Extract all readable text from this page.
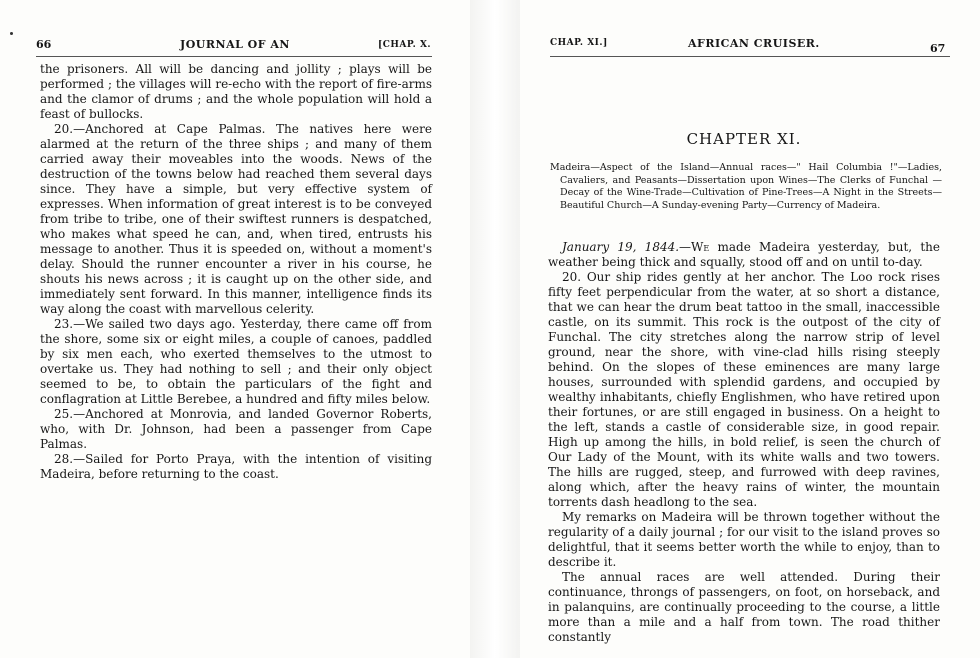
66	JOURNAL OF AN	[CHAP. X.

the prisoners. All will be dancing and jollity ; plays will be performed ; the villages will re-echo with the report of fire-arms and the clamor of drums ; and the whole population will hold a feast of bullocks.

20.—Anchored at Cape Palmas. The natives here were alarmed at the return of the three ships ; and many of them carried away their moveables into the woods. News of the destruction of the towns below had reached them several days since. They have a simple, but very effective system of expresses. When information of great interest is to be conveyed from tribe to tribe, one of their swiftest runners is despatched, who makes what speed he can, and, when tired, entrusts his message to another. Thus it is speeded on, without a moment's delay. Should the runner encounter a river in his course, he shouts his news across ; it is caught up on the other side, and immediately sent forward. In this manner, intelligence finds its way along the coast with marvellous celerity.

23.—We sailed two days ago. Yesterday, there came off from the shore, some six or eight miles, a couple of canoes, paddled by six men each, who exerted themselves to the utmost to overtake us. They had nothing to sell ; and their only object seemed to be, to obtain the particulars of the fight and conflagration at Little Berebee, a hundred and fifty miles below.

25.—Anchored at Monrovia, and landed Governor Roberts, who, with Dr. Johnson, had been a passenger from Cape Palmas.

28.—Sailed for Porto Praya, with the intention of visiting Madeira, before returning to the coast.

CHAP. XI.]	AFRICAN CRUISER.	67
CHAPTER XI.
Madeira—Aspect of the Island—Annual races—" Hail Columbia !"—Ladies, Cavaliers, and Peasants—Dissertation upon Wines—The Clerks of Funchal —Decay of the Wine-Trade—Cultivation of Pine-Trees—A Night in the Streets—Beautiful Church—A Sunday-evening Party—Currency of Madeira.

January 19, 1844.—We made Madeira yesterday, but, the weather being thick and squally, stood off and on until to-day.

20. Our ship rides gently at her anchor. The Loo rock rises fifty feet perpendicular from the water, at so short a distance, that we can hear the drum beat tattoo in the small, inaccessible castle, on its summit. This rock is the outpost of the city of Funchal. The city stretches along the narrow strip of level ground, near the shore, with vine-clad hills rising steeply behind. On the slopes of these eminences are many large houses, surrounded with splendid gardens, and occupied by wealthy inhabitants, chiefly Englishmen, who have retired upon their fortunes, or are still engaged in business. On a height to the left, stands a castle of considerable size, in good repair. High up among the hills, in bold relief, is seen the church of Our Lady of the Mount, with its white walls and two towers. The hills are rugged, steep, and furrowed with deep ravines, along which, after the heavy rains of winter, the mountain torrents dash headlong to the sea.

My remarks on Madeira will be thrown together without the regularity of a daily journal ; for our visit to the island proves so delightful, that it seems better worth the while to enjoy, than to describe it.

The annual races are well attended. During their continuance, throngs of passengers, on foot, on horseback, and in palanquins, are continually proceeding to the course, a little more than a mile and a half from town. The road thither constantly
